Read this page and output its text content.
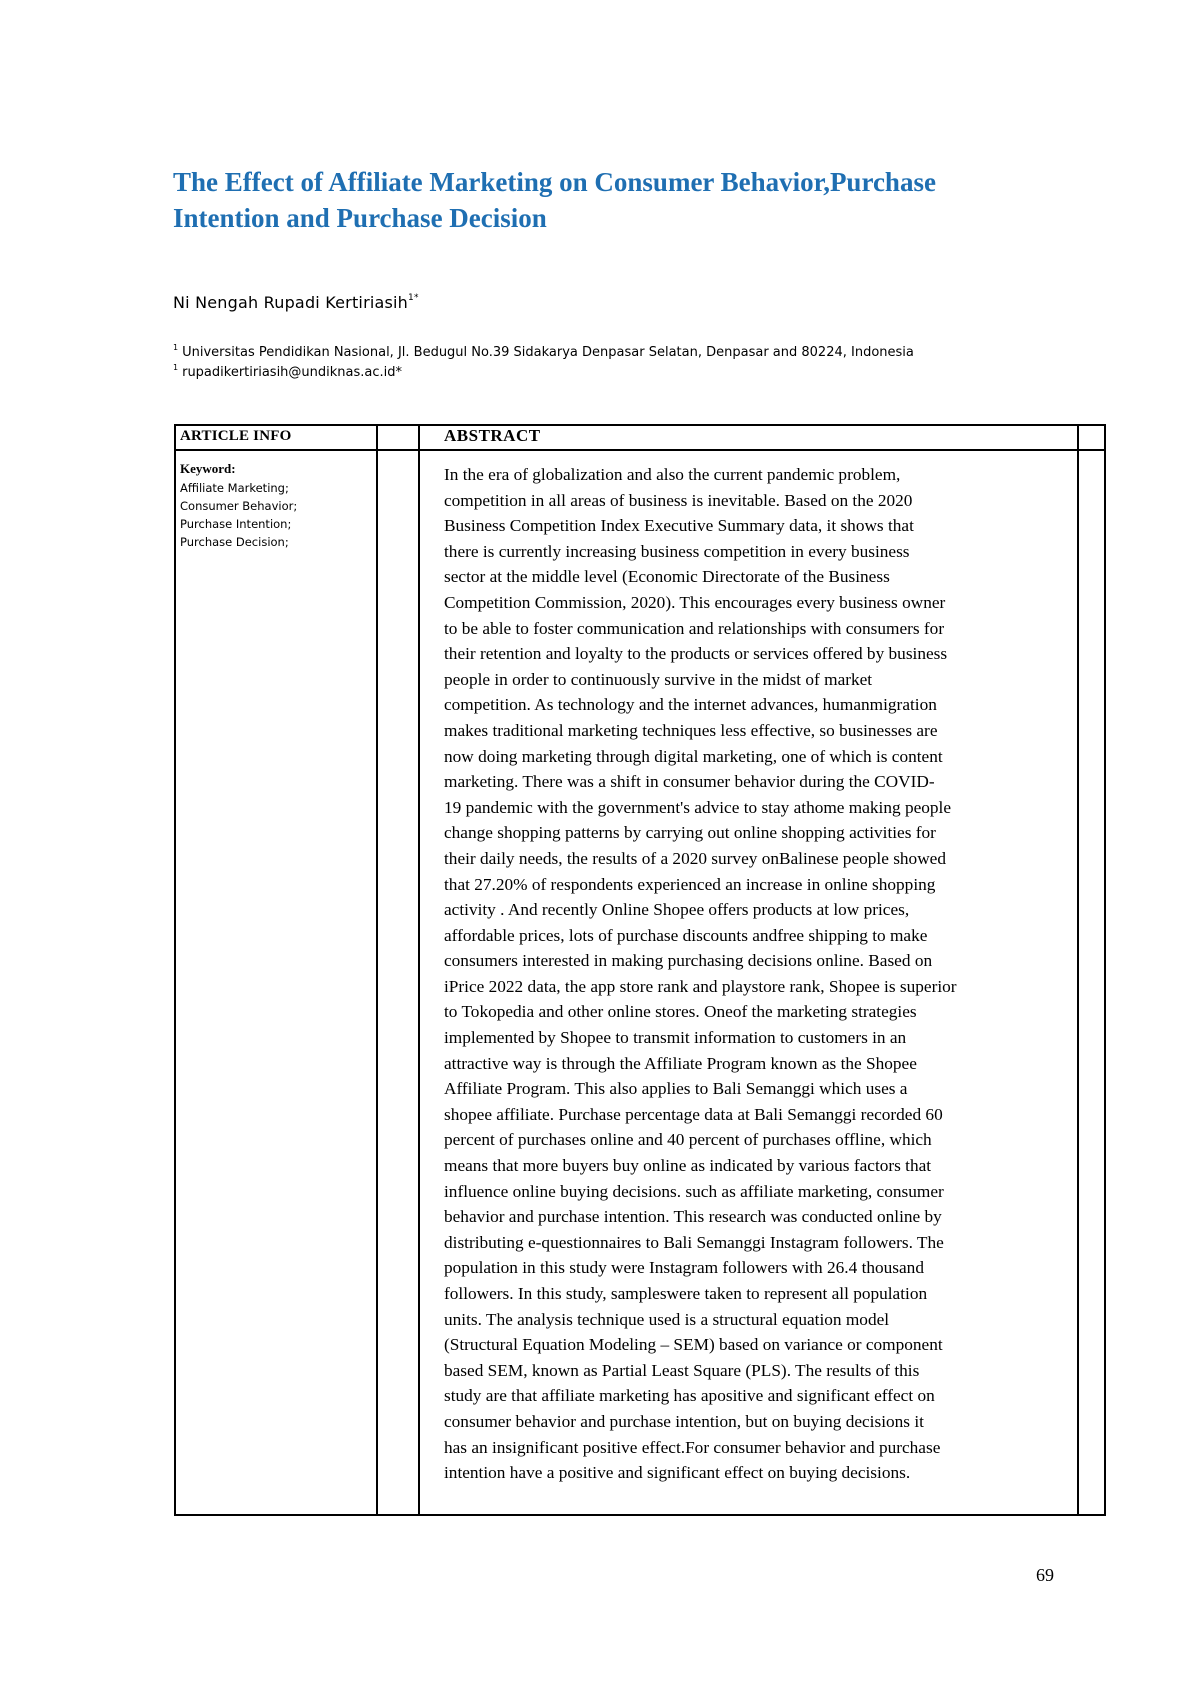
The Effect of Affiliate Marketing on Consumer Behavior,Purchase
Intention and Purchase Decision
Ni Nengah Rupadi Kertiriasih$^{1*}$
$^1$ Universitas Pendidikan Nasional, Jl. Bedugul No.39 Sidakarya Denpasar Selatan, Denpasar and 80224, Indonesia
$^1$ rupadikertiriasih@undiknas.ac.id*
ARTICLE INFO	ABSTRACT
Keyword:
Affiliate Marketing;
Consumer Behavior;
Purchase Intention;
Purchase Decision;

In the era of globalization and also the current pandemic problem,
competition in all areas of business is inevitable. Based on the 2020
Business Competition Index Executive Summary data, it shows that
there is currently increasing business competition in every business
sector at the middle level (Economic Directorate of the Business
Competition Commission, 2020). This encourages every business owner
to be able to foster communication and relationships with consumers for
their retention and loyalty to the products or services offered by business
people in order to continuously survive in the midst of market
competition. As technology and the internet advances, humanmigration
makes traditional marketing techniques less effective, so businesses are
now doing marketing through digital marketing, one of which is content
marketing. There was a shift in consumer behavior during the COVID-
19 pandemic with the government's advice to stay athome making people
change shopping patterns by carrying out online shopping activities for
their daily needs, the results of a 2020 survey onBalinese people showed
that 27.20% of respondents experienced an increase in online shopping
activity . And recently Online Shopee offers products at low prices,
affordable prices, lots of purchase discounts andfree shipping to make
consumers interested in making purchasing decisions online. Based on
iPrice 2022 data, the app store rank and playstore rank, Shopee is superior
to Tokopedia and other online stores. Oneof the marketing strategies
implemented by Shopee to transmit information to customers in an
attractive way is through the Affiliate Program known as the Shopee
Affiliate Program. This also applies to Bali Semanggi which uses a
shopee affiliate. Purchase percentage data at Bali Semanggi recorded 60
percent of purchases online and 40 percent of purchases offline, which
means that more buyers buy online as indicated by various factors that
influence online buying decisions. such as affiliate marketing, consumer
behavior and purchase intention. This research was conducted online by
distributing e-questionnaires to Bali Semanggi Instagram followers. The
population in this study were Instagram followers with 26.4 thousand
followers. In this study, sampleswere taken to represent all population
units. The analysis technique used is a structural equation model
(Structural Equation Modeling – SEM) based on variance or component
based SEM, known as Partial Least Square (PLS). The results of this
study are that affiliate marketing has apositive and significant effect on
consumer behavior and purchase intention, but on buying decisions it
has an insignificant positive effect.For consumer behavior and purchase
intention have a positive and significant effect on buying decisions.

69
